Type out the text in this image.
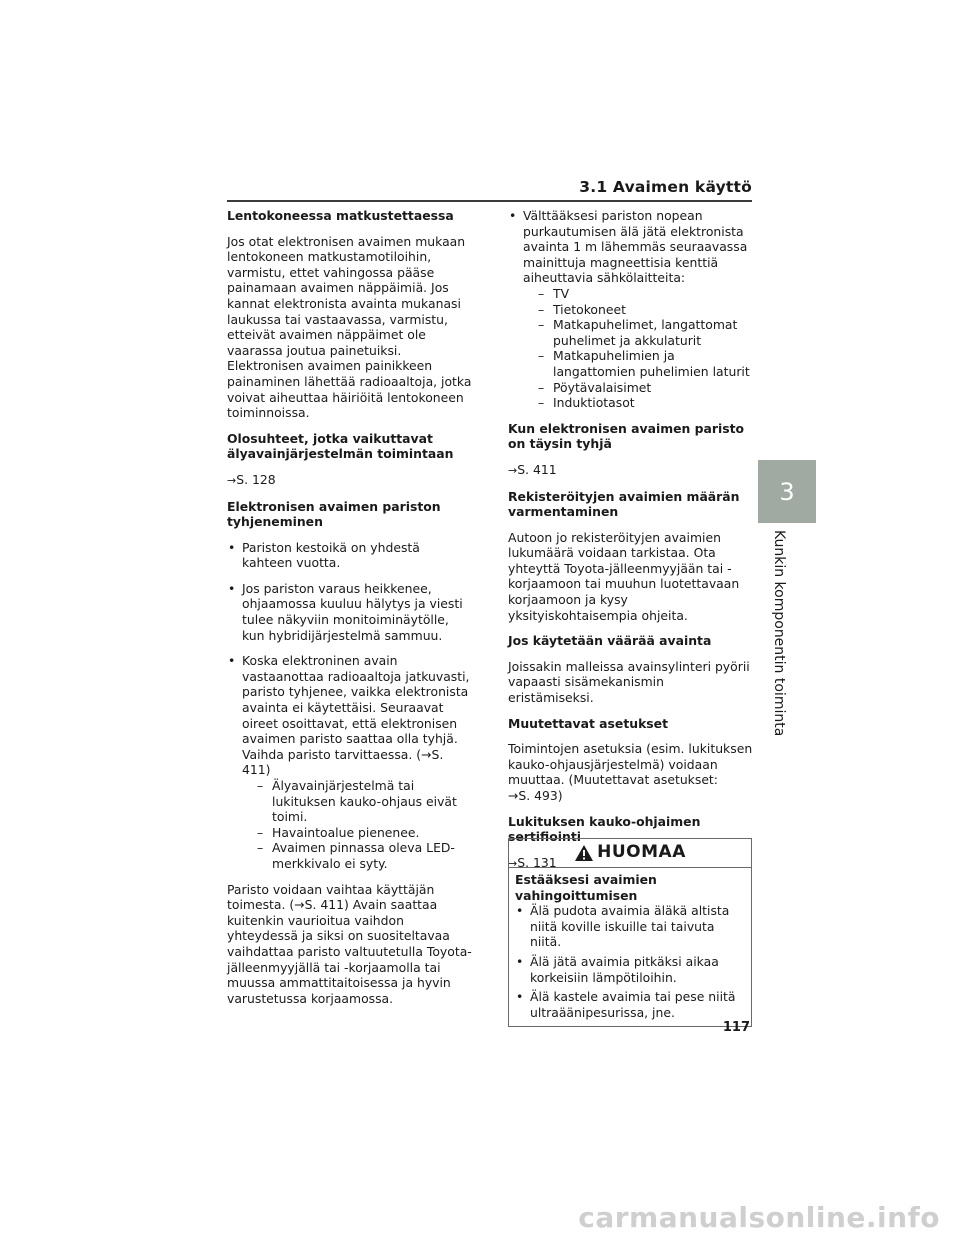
3.1 Avaimen käyttö
Lentokoneessa matkustettaessa
Jos otat elektronisen avaimen mukaan lentokoneen matkustamotiloihin, varmistu, ettet vahingossa pääse painamaan avaimen näppäimiä. Jos kannat elektronista avainta mukanasi laukussa tai vastaavassa, varmistu, etteivät avaimen näppäimet ole vaarassa joutua painetuiksi. Elektronisen avaimen painikkeen painaminen lähettää radioaaltoja, jotka voivat aiheuttaa häiriöitä lentokoneen toiminnoissa.
Olosuhteet, jotka vaikuttavat älyavainjärjestelmän toimintaan
→S. 128
Elektronisen avaimen pariston tyhjeneminen
• Pariston kestoikä on yhdestä kahteen vuotta.
• Jos pariston varaus heikkenee, ohjaamossa kuuluu hälytys ja viesti tulee näkyviin monitoiminäytölle, kun hybridijärjestelmä sammuu.
• Koska elektroninen avain vastaanottaa radioaaltoja jatkuvasti, paristo tyhjenee, vaikka elektronista avainta ei käytettäisi. Seuraavat oireet osoittavat, että elektronisen avaimen paristo saattaa olla tyhjä. Vaihda paristo tarvittaessa. (→S. 411)
– Älyavainjärjestelmä tai lukituksen kauko-ohjaus eivät toimi.
– Havaintoalue pienenee.
– Avaimen pinnassa oleva LED-merkkivalo ei syty.
Paristo voidaan vaihtaa käyttäjän toimesta. (→S. 411) Avain saattaa kuitenkin vaurioitua vaihdon yhteydessä ja siksi on suositeltavaa vaihdattaa paristo valtuutetulla Toyota-jälleenmyyjällä tai -korjaamolla tai muussa ammattitaitoisessa ja hyvin varustetussa korjaamossa.
• Välttääksesi pariston nopean purkautumisen älä jätä elektronista avainta 1 m lähemmäs seuraavassa mainittuja magneettisia kenttiä aiheuttavia sähkölaitteita:
– TV
– Tietokoneet
– Matkapuhelimet, langattomat puhelimet ja akkulaturit
– Matkapuhelimien ja langattomien puhelimien laturit
– Pöytävalaisimet
– Induktiotasot
Kun elektronisen avaimen paristo on täysin tyhjä
→S. 411
Rekisteröityjen avaimien määrän varmentaminen
Autoon jo rekisteröityjen avaimien lukumäärä voidaan tarkistaa. Ota yhteyttä Toyota-jälleenmyyjään tai -korjaamoon tai muuhun luotettavaan korjaamoon ja kysy yksityiskohtaisempia ohjeita.
Jos käytetään väärää avainta
Joissakin malleissa avainsylinteri pyörii vapaasti sisämekanismin eristämiseksi.
Muutettavat asetukset
Toimintojen asetuksia (esim. lukituksen kauko-ohjausjärjestelmä) voidaan muuttaa. (Muutettavat asetukset:
→S. 493)
Lukituksen kauko-ohjaimen sertifiointi
→S. 131
HUOMAA
Estääksesi avaimien vahingoittumisen
• Älä pudota avaimia äläkä altista niitä koville iskuille tai taivuta niitä.
• Älä jätä avaimia pitkäksi aikaa korkeisiin lämpötiloihin.
• Älä kastele avaimia tai pese niitä ultraäänipesurissa, jne.
3
Kunkin komponentin toiminta
117
carmanualsonline.info
